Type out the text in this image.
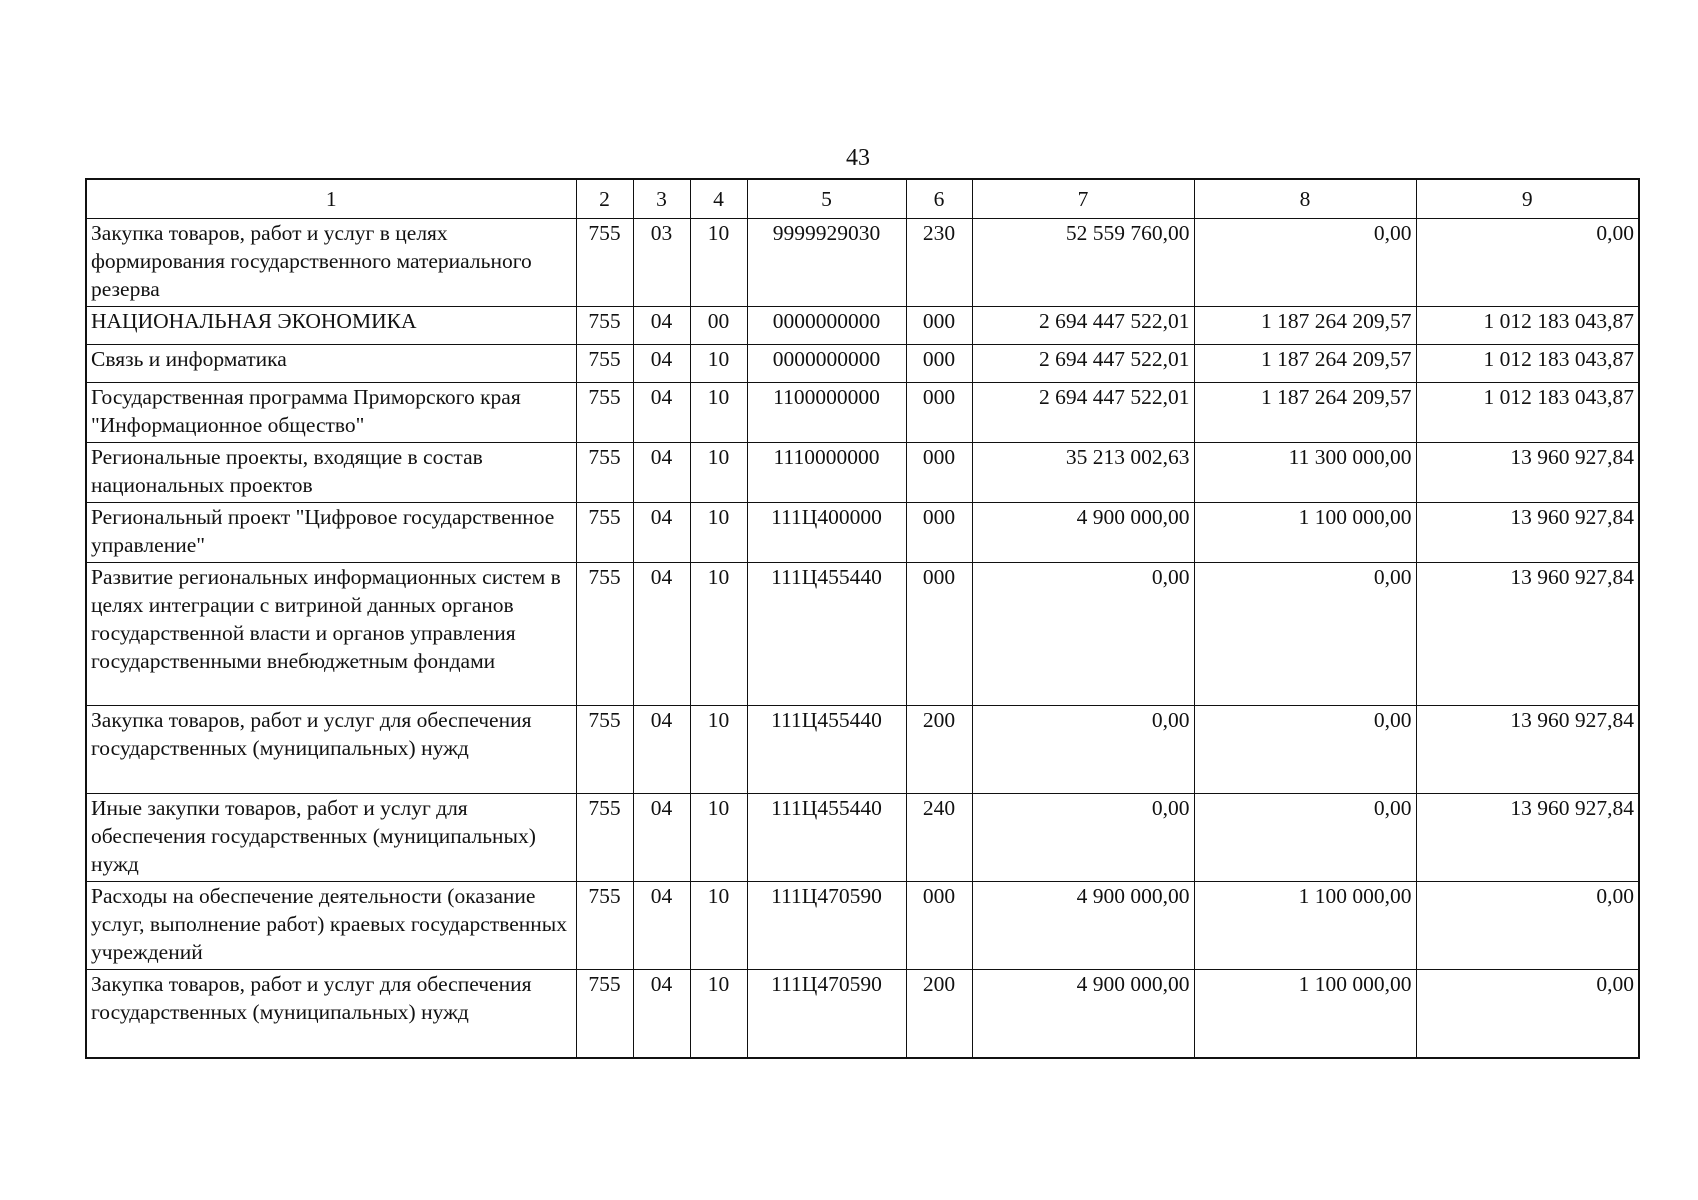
43
1	2	3	4	5	6	7	8	9
Закупка товаров, работ и услуг в целях формирования государственного материального резерва	755	03	10	9999929030	230	52 559 760,00	0,00	0,00
НАЦИОНАЛЬНАЯ ЭКОНОМИКА	755	04	00	0000000000	000	2 694 447 522,01	1 187 264 209,57	1 012 183 043,87
Связь и информатика	755	04	10	0000000000	000	2 694 447 522,01	1 187 264 209,57	1 012 183 043,87
Государственная программа Приморского края "Информационное общество"	755	04	10	1100000000	000	2 694 447 522,01	1 187 264 209,57	1 012 183 043,87
Региональные проекты, входящие в состав национальных проектов	755	04	10	1110000000	000	35 213 002,63	11 300 000,00	13 960 927,84
Региональный проект "Цифровое государственное управление"	755	04	10	111Ц400000	000	4 900 000,00	1 100 000,00	13 960 927,84
Развитие региональных информационных систем в целях интеграции с витриной данных органов государственной власти и органов управления государственными внебюджетным фондами	755	04	10	111Ц455440	000	0,00	0,00	13 960 927,84
Закупка товаров, работ и услуг для обеспечения государственных (муниципальных) нужд	755	04	10	111Ц455440	200	0,00	0,00	13 960 927,84
Иные закупки товаров, работ и услуг для обеспечения государственных (муниципальных) нужд	755	04	10	111Ц455440	240	0,00	0,00	13 960 927,84
Расходы на обеспечение деятельности (оказание услуг, выполнение работ) краевых государственных учреждений	755	04	10	111Ц470590	000	4 900 000,00	1 100 000,00	0,00
Закупка товаров, работ и услуг для обеспечения государственных (муниципальных) нужд	755	04	10	111Ц470590	200	4 900 000,00	1 100 000,00	0,00
